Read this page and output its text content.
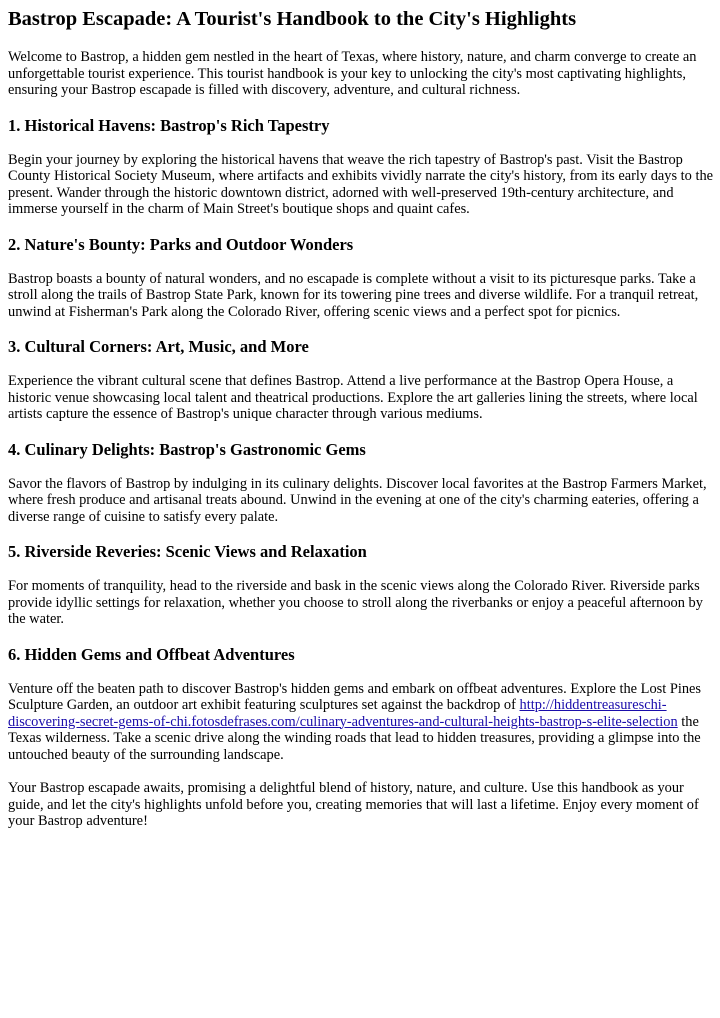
Bastrop Escapade: A Tourist's Handbook to the City's Highlights

Welcome to Bastrop, a hidden gem nestled in the heart of Texas, where history, nature, and charm converge to create an unforgettable tourist experience. This tourist handbook is your key to unlocking the city's most captivating highlights, ensuring your Bastrop escapade is filled with discovery, adventure, and cultural richness.

1. Historical Havens: Bastrop's Rich Tapestry

Begin your journey by exploring the historical havens that weave the rich tapestry of Bastrop's past. Visit the Bastrop County Historical Society Museum, where artifacts and exhibits vividly narrate the city's history, from its early days to the present. Wander through the historic downtown district, adorned with well-preserved 19th-century architecture, and immerse yourself in the charm of Main Street's boutique shops and quaint cafes.

2. Nature's Bounty: Parks and Outdoor Wonders

Bastrop boasts a bounty of natural wonders, and no escapade is complete without a visit to its picturesque parks. Take a stroll along the trails of Bastrop State Park, known for its towering pine trees and diverse wildlife. For a tranquil retreat, unwind at Fisherman's Park along the Colorado River, offering scenic views and a perfect spot for picnics.

3. Cultural Corners: Art, Music, and More

Experience the vibrant cultural scene that defines Bastrop. Attend a live performance at the Bastrop Opera House, a historic venue showcasing local talent and theatrical productions. Explore the art galleries lining the streets, where local artists capture the essence of Bastrop's unique character through various mediums.

4. Culinary Delights: Bastrop's Gastronomic Gems

Savor the flavors of Bastrop by indulging in its culinary delights. Discover local favorites at the Bastrop Farmers Market, where fresh produce and artisanal treats abound. Unwind in the evening at one of the city's charming eateries, offering a diverse range of cuisine to satisfy every palate.

5. Riverside Reveries: Scenic Views and Relaxation

For moments of tranquility, head to the riverside and bask in the scenic views along the Colorado River. Riverside parks provide idyllic settings for relaxation, whether you choose to stroll along the riverbanks or enjoy a peaceful afternoon by the water.

6. Hidden Gems and Offbeat Adventures

Venture off the beaten path to discover Bastrop's hidden gems and embark on offbeat adventures. Explore the Lost Pines Sculpture Garden, an outdoor art exhibit featuring sculptures set against the backdrop of http://hiddentreasureschi-discovering-secret-gems-of-chi.fotosdefrases.com/culinary-adventures-and-cultural-heights-bastrop-s-elite-selection the Texas wilderness. Take a scenic drive along the winding roads that lead to hidden treasures, providing a glimpse into the untouched beauty of the surrounding landscape.

Your Bastrop escapade awaits, promising a delightful blend of history, nature, and culture. Use this handbook as your guide, and let the city's highlights unfold before you, creating memories that will last a lifetime. Enjoy every moment of your Bastrop adventure!
